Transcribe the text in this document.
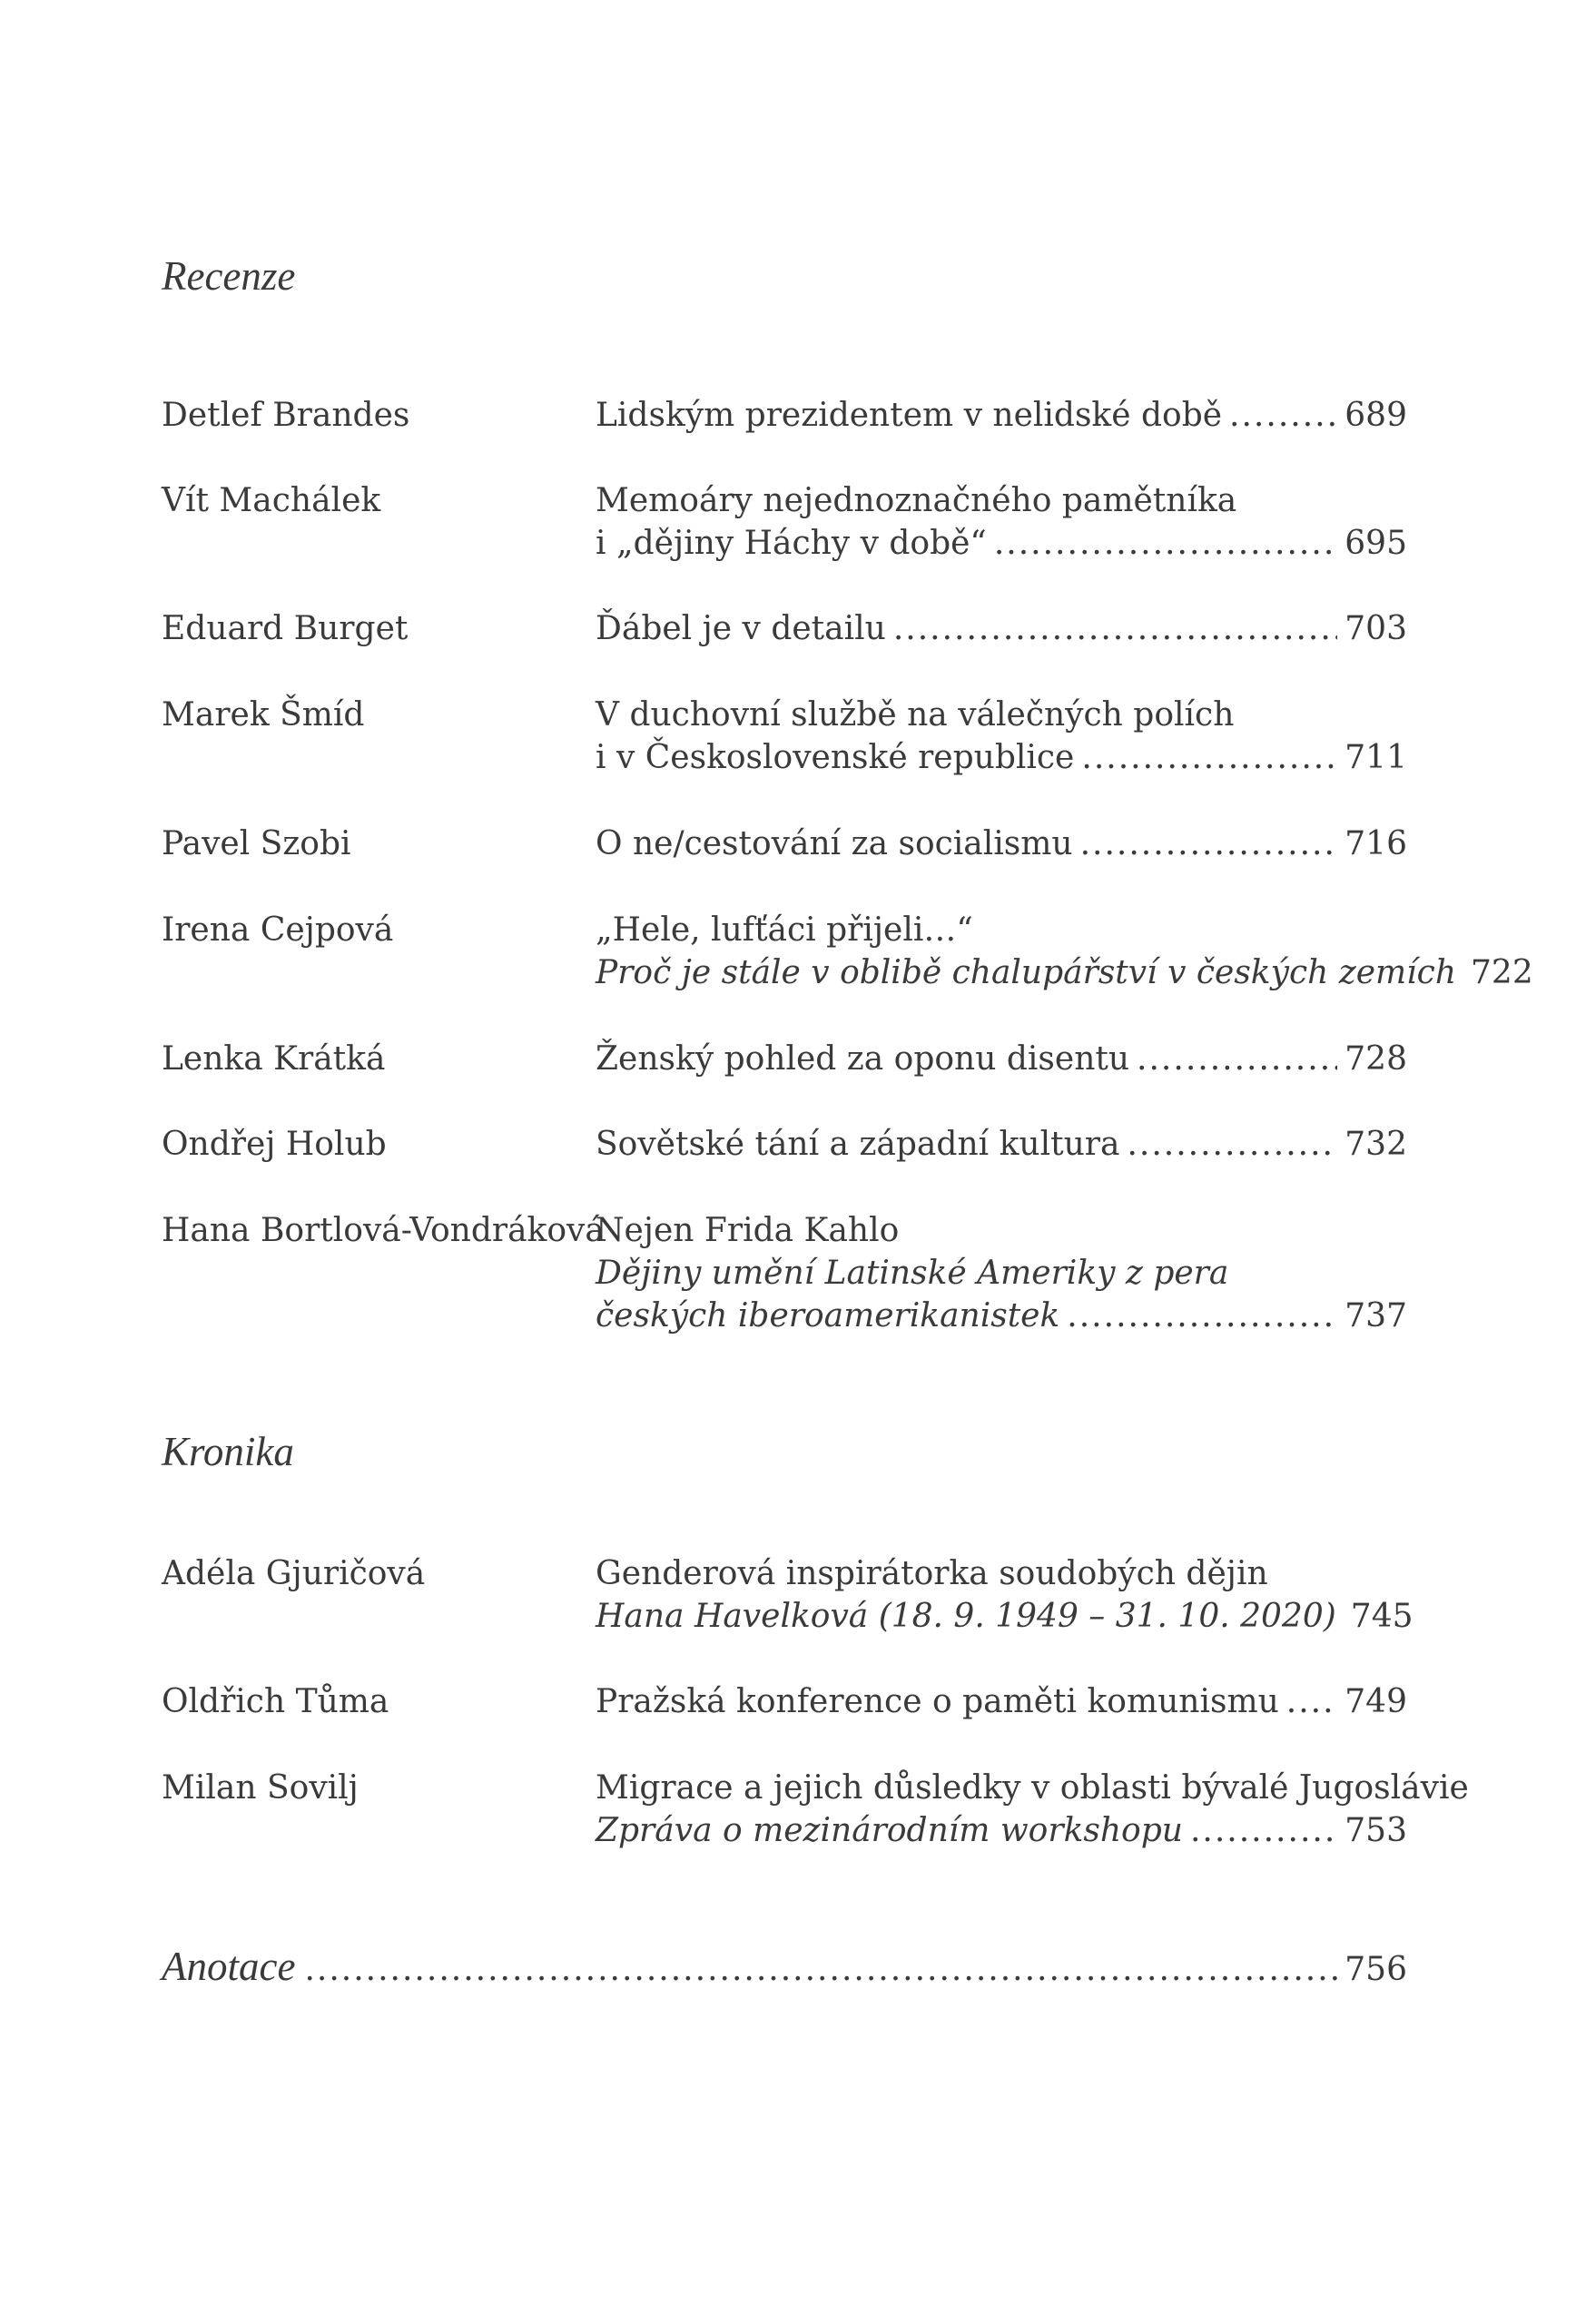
Recenze
Detlef Brandes	Lidským prezidentem v nelidské době .....	689
Vít Machálek	Memoáry nejednoznačného pamětníka
i „dějiny Háchy v době“ .....	695
Eduard Burget	Ďábel je v detailu .....	703
Marek Šmíd	V duchovní službě na válečných polích
i v Československé republice .....	711
Pavel Szobi	O ne/cestování za socialismu .....	716
Irena Cejpová	„Hele, lufťáci přijeli…“
Proč je stále v oblibě chalupářství v českých zemích 722
Lenka Krátká	Ženský pohled za oponu disentu .....	728
Ondřej Holub	Sovětské tání a západní kultura .....	732
Hana Bortlová-Vondráková
Nejen Frida Kahlo
Dějiny umění Latinské Ameriky z pera
českých iberoamerikanistek .....	737
Kronika
Adéla Gjuričová	Genderová inspirátorka soudobých dějin
Hana Havelková (18. 9. 1949 – 31. 10. 2020) 745
Oldřich Tůma	Pražská konference o paměti komunismu ..... 749
Milan Sovilj	Migrace a jejich důsledky v oblasti bývalé Jugoslávie
Zpráva o mezinárodním workshopu .....	753
Anotace .....	756
